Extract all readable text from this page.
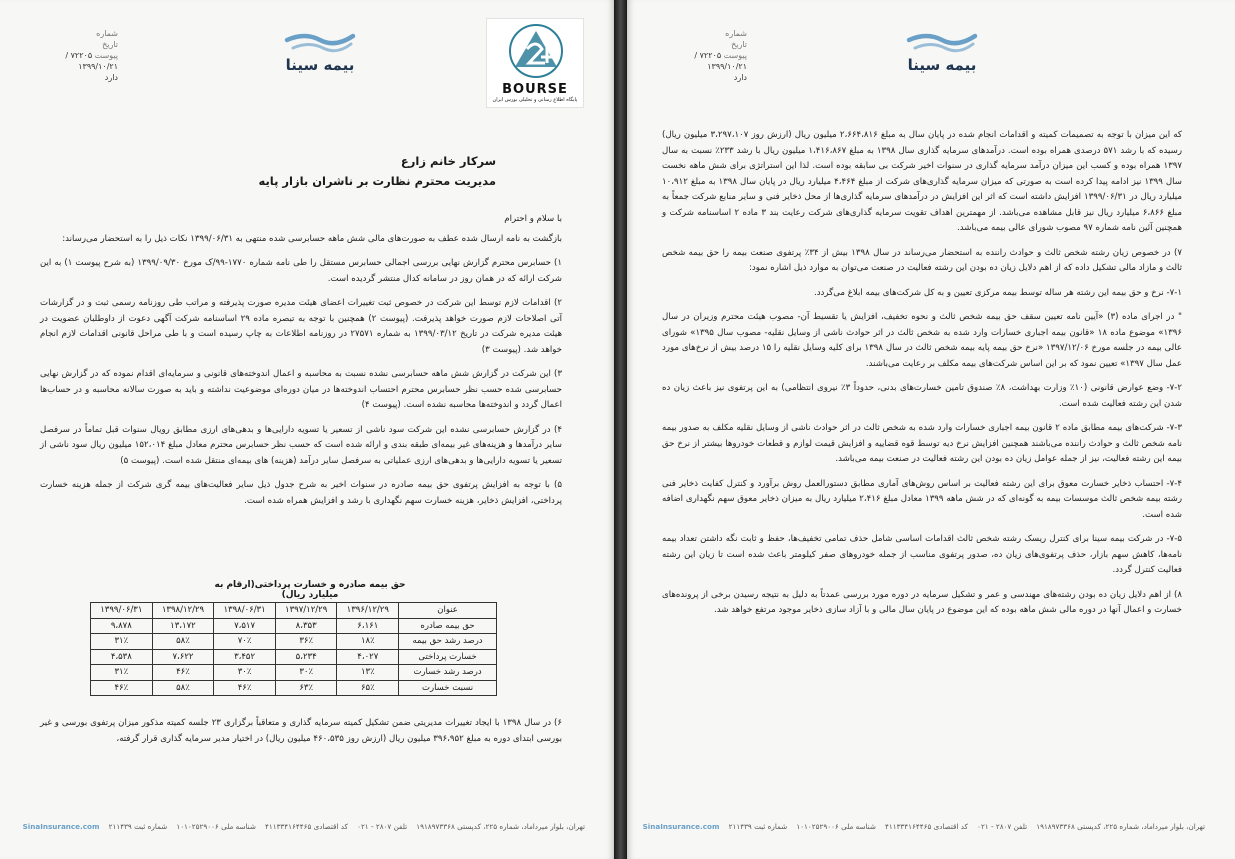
شماره
تاریخ
پیوست ۷۲۲۰۵ /
۱۳۹۹/۱۰/۲۱
دارد
بیمه سینا
BOURSE
پایگاه اطلاع رسانی و تحلیلی بورس ایران
سرکار خانم زارع
مدیریت محترم نظارت بر ناشران بازار پایه

با سلام و احترام

بازگشت به نامه ارسال شده عطف به صورت‌های مالی شش ماهه حسابرسی شده منتهی به ۱۳۹۹/۰۶/۳۱ نکات ذیل را به استحضار می‌رساند:

۱) حسابرس محترم گزارش نهایی بررسی اجمالی حسابرس مستقل را طی نامه شماره ۱۷۷۰-۹۹/ک مورخ ۱۳۹۹/۰۹/۳۰ (به شرح پیوست ۱) به این شرکت ارائه که در همان روز در سامانه کدال منتشر گردیده است.

۲) اقدامات لازم توسط این شرکت در خصوص ثبت تغییرات اعضای هیئت مدیره صورت پذیرفته و مراتب طی روزنامه رسمی ثبت و در گزارشات آتی اصلاحات لازم صورت خواهد پذیرفت. (پیوست ۲) همچنین با توجه به تبصره ماده ۲۹ اساسنامه شرکت آگهی دعوت از داوطلبان عضویت در هیئت مدیره شرکت در تاریخ ۱۳۹۹/۰۳/۱۲ به شماره ۲۷۵۷۱ در روزنامه اطلاعات به چاپ رسیده است و با طی مراحل قانونی اقدامات لازم انجام خواهد شد. (پیوست ۳)

۳) این شرکت در گزارش شش ماهه حسابرسی نشده نسبت به محاسبه و اعمال اندوخته‌های قانونی و سرمایه‌ای اقدام نموده که در گزارش نهایی حسابرسی شده حسب نظر حسابرس محترم احتساب اندوخته‌ها در میان دوره‌ای موضوعیت نداشته و باید به صورت سالانه محاسبه و در حساب‌ها اعمال گردد و اندوخته‌ها محاسبه نشده است. (پیوست ۴)

۴) در گزارش حسابرسی نشده این شرکت سود ناشی از تسعیر یا تسویه دارایی‌ها و بدهی‌های ارزی مطابق رویال سنوات قبل تماماً در سرفصل سایر درآمدها و هزینه‌های غیر بیمه‌ای طبقه بندی و ارائه شده است که حسب نظر حسابرس محترم معادل مبلغ ۱۵۲،۰۱۴ میلیون ریال سود ناشی از تسعیر یا تسویه دارایی‌ها و بدهی‌های ارزی عملیاتی به سرفصل سایر درآمد (هزینه) های بیمه‌ای منتقل شده است. (پیوست ۵)

۵) با توجه به افزایش پرتفوی حق بیمه صادره در سنوات اخیر به شرح جدول ذیل سایر فعالیت‌های بیمه گری شرکت از جمله هزینه خسارت پرداختی، افزایش ذخایر، هزینه خسارت سهم نگهداری با رشد و افزایش همراه شده است.

حق بیمه صادره و خسارت پرداختی(ارقام به میلیارد ریال)
عنوان	۱۳۹۶/۱۲/۲۹	۱۳۹۷/۱۲/۲۹	۱۳۹۸/۰۶/۳۱	۱۳۹۸/۱۲/۲۹	۱۳۹۹/۰۶/۳۱
حق بیمه صادره	۶،۱۶۱	۸،۳۵۳	۷،۵۱۷	۱۳،۱۷۲	۹،۸۷۸
درصد رشد حق بیمه	۱۸٪	۳۶٪	۷۰٪	۵۸٪	۳۱٪
خسارت پرداختی	۴،۰۲۷	۵،۲۳۴	۳،۴۵۲	۷،۶۲۲	۴،۵۳۸
درصد رشد خسارت	۱۳٪	۳۰٪	۳۰٪	۴۶٪	۳۱٪
نسبت خسارت	۶۵٪	۶۳٪	۴۶٪	۵۸٪	۴۶٪
۶) در سال ۱۳۹۸ با ایجاد تغییرات مدیریتی ضمن تشکیل کمیته سرمایه گذاری و متعاقباً برگزاری ۲۳ جلسه کمیته مذکور میزان پرتفوی بورسی و غیر بورسی ابتدای دوره به مبلغ ۳۹۶،۹۵۲ میلیون ریال (ارزش روز ۴۶۰،۵۳۵ میلیون ریال) در اختیار مدیر سرمایه گذاری قرار گرفته،
تهران، بلوار میرداماد، شماره ۲۲۵، کدپستی ۱۹۱۸۹۷۳۳۶۸    تلفن ۲۸۰۷ - ۰۲۱    کد اقتصادی ۴۱۱۳۳۴۱۶۴۴۶۵    شناسه ملی ۱۰۱۰۲۵۲۹۰۰۶    شماره ثبت ۲۱۱۴۳۹    SinaInsurance.com
شماره
تاریخ
پیوست ۷۲۲۰۵ /
۱۳۹۹/۱۰/۲۱
دارد
بیمه سینا

که این میزان با توجه به تصمیمات کمیته و اقدامات انجام شده در پایان سال به مبلغ ۲،۶۶۴،۸۱۶ میلیون ریال (ارزش روز ۳،۲۹۷،۱۰۷ میلیون ریال) رسیده که با رشد ۵۷۱ درصدی همراه بوده است. درآمدهای سرمایه گذاری سال ۱۳۹۸ به مبلغ ۱،۴۱۶،۸۶۷ میلیون ریال با رشد ۲۳۳٪ نسبت به سال ۱۳۹۷ همراه بوده و کسب این میزان درآمد سرمایه گذاری در سنوات اخیر شرکت بی سابقه بوده است. لذا این استراتژی برای شش ماهه نخست سال ۱۳۹۹ نیز ادامه پیدا کرده است به صورتی که میزان سرمایه گذاری‌های شرکت از مبلغ ۴،۴۶۴ میلیارد ریال در پایان سال ۱۳۹۸ به مبلغ ۱۰،۹۱۲ میلیارد ریال در ۱۳۹۹/۰۶/۳۱ افزایش داشته است که اثر این افزایش در درآمدهای سرمایه گذاری‌ها از محل ذخایر فنی و سایر منابع شرکت جمعاً به مبلغ ۶،۸۶۶ میلیارد ریال نیز قابل مشاهده می‌باشد. از مهمترین اهداف تقویت سرمایه گذاری‌های شرکت رعایت بند ۳ ماده ۲ اساسنامه شرکت و همچنین آئین نامه شماره ۹۷ مصوب شورای عالی بیمه می‌باشد.

۷) در خصوص زیان رشته شخص ثالث و حوادث راننده به استحضار می‌رساند در سال ۱۳۹۸ بیش از ۳۴٪ پرتفوی صنعت بیمه را حق بیمه شخص ثالث و مازاد مالی تشکیل داده که از اهم دلایل زیان ده بودن این رشته فعالیت در صنعت می‌توان به موارد ذیل اشاره نمود:

۷-۱- نرخ و حق بیمه این رشته هر ساله توسط بیمه مرکزی تعیین و به کل شرکت‌های بیمه ابلاغ می‌گردد.

" در اجرای ماده (۳) «آیین نامه تعیین سقف حق بیمه شخص ثالث و نحوه تخفیف، افزایش یا تقسیط آن- مصوب هیئت محترم وزیران در سال ۱۳۹۶» موضوع ماده ۱۸ «قانون بیمه اجباری خسارات وارد شده به شخص ثالث در اثر حوادث ناشی از وسایل نقلیه- مصوب سال ۱۳۹۵» شورای عالی بیمه در جلسه مورخ ۱۳۹۷/۱۲/۰۶ «نرخ حق بیمه پایه بیمه شخص ثالث در سال ۱۳۹۸ برای کلیه وسایل نقلیه را ۱۵ درصد بیش از نرخ‌های مورد عمل سال ۱۳۹۷» تعیین نمود که بر این اساس شرکت‌های بیمه مکلف بر رعایت می‌باشند.

۷-۲- وضع عوارض قانونی (۱۰٪ وزارت بهداشت، ۸٪ صندوق تامین خسارت‌های بدنی، حدوداً ۳٪ نیروی انتظامی) به این پرتفوی نیز باعث زیان ده شدن این رشته فعالیت شده است.

۷-۳- شرکت‌های بیمه مطابق ماده ۲ قانون بیمه اجباری خسارات وارد شده به شخص ثالث در اثر حوادث ناشی از وسایل نقلیه مکلف به صدور بیمه نامه شخص ثالث و حوادث راننده می‌باشند همچنین افزایش نرخ دیه توسط قوه قضاییه و افزایش قیمت لوازم و قطعات خودروها بیشتر از نرخ حق بیمه این رشته فعالیت، نیز از جمله عوامل زیان ده بودن این رشته فعالیت در صنعت بیمه می‌باشد.

۷-۴- احتساب ذخایر خسارت معوق برای این رشته فعالیت بر اساس روش‌های آماری مطابق دستورالعمل روش برآورد و کنترل کفایت ذخایر فنی رشته بیمه شخص ثالث موسسات بیمه به گونه‌ای که در شش ماهه ۱۳۹۹ معادل مبلغ ۲،۴۱۶ میلیارد ریال به میزان ذخایر معوق سهم نگهداری اضافه شده است.

۷-۵- در شرکت بیمه سینا برای کنترل ریسک رشته شخص ثالث اقدامات اساسی شامل حذف تمامی تخفیف‌ها، حفظ و ثابت نگه داشتن تعداد بیمه نامه‌ها، کاهش سهم بازار، حذف پرتفوی‌های زیان ده، صدور پرتفوی مناسب از جمله خودروهای صفر کیلومتر باعث شده است تا زیان این رشته فعالیت کنترل گردد.

۸) از اهم دلایل زیان ده بودن رشته‌های مهندسی و عمر و تشکیل سرمایه در دوره مورد بررسی عمدتاً به دلیل به نتیجه رسیدن برخی از پرونده‌های خسارت و اعمال آنها در دوره مالی شش ماهه بوده که این موضوع در پایان سال مالی و با آزاد سازی ذخایر موجود مرتفع خواهد شد.

تهران، بلوار میرداماد، شماره ۲۲۵، کدپستی ۱۹۱۸۹۷۳۳۶۸    تلفن ۲۸۰۷ - ۰۲۱    کد اقتصادی ۴۱۱۳۳۴۱۶۴۴۶۵    شناسه ملی ۱۰۱۰۲۵۲۹۰۰۶    شماره ثبت ۲۱۱۴۳۹    SinaInsurance.com
